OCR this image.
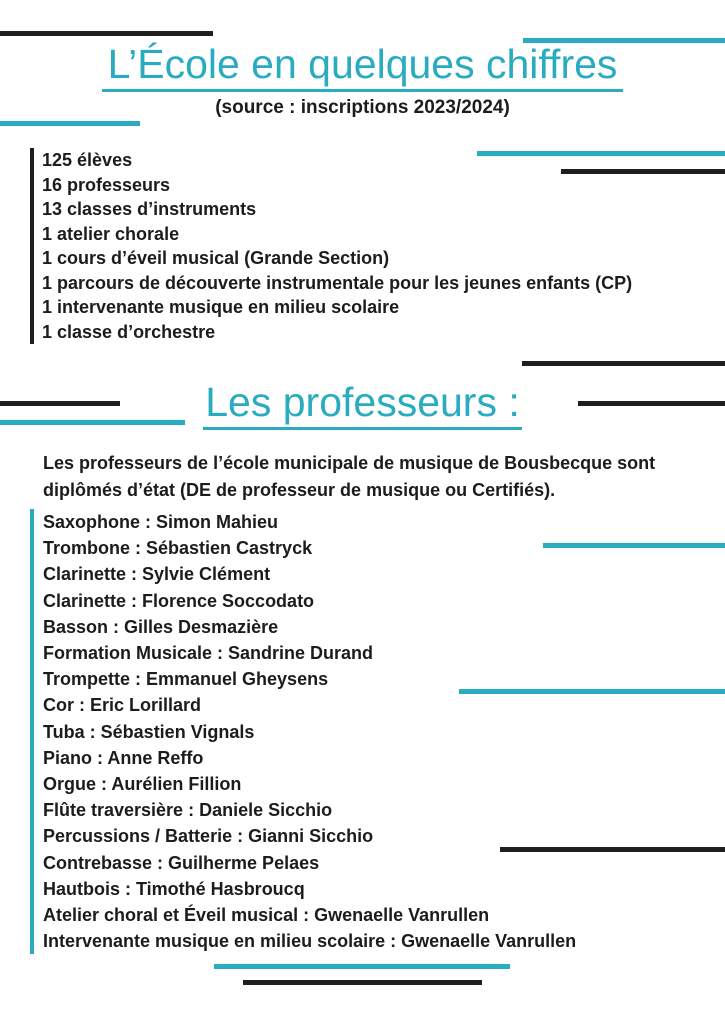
L’École en quelques chiffres
(source : inscriptions 2023/2024)
125 élèves
16 professeurs
13 classes d’instruments
1 atelier chorale
1 cours d’éveil musical (Grande Section)
1 parcours de découverte instrumentale pour les jeunes enfants (CP)
1 intervenante musique en milieu scolaire
1 classe d’orchestre
Les professeurs :
Les professeurs de l’école municipale de musique de Bousbecque sont
diplômés d’état (DE de professeur de musique ou Certifiés).
Saxophone : Simon Mahieu
Trombone : Sébastien Castryck
Clarinette : Sylvie Clément
Clarinette : Florence Soccodato
Basson : Gilles Desmazière
Formation Musicale : Sandrine Durand
Trompette : Emmanuel Gheysens
Cor : Eric Lorillard
Tuba : Sébastien Vignals
Piano : Anne Reffo
Orgue : Aurélien Fillion
Flûte traversière : Daniele Sicchio
Percussions / Batterie : Gianni Sicchio
Contrebasse : Guilherme Pelaes
Hautbois : Timothé Hasbroucq
Atelier choral et Éveil musical : Gwenaelle Vanrullen
Intervenante musique en milieu scolaire : Gwenaelle Vanrullen
